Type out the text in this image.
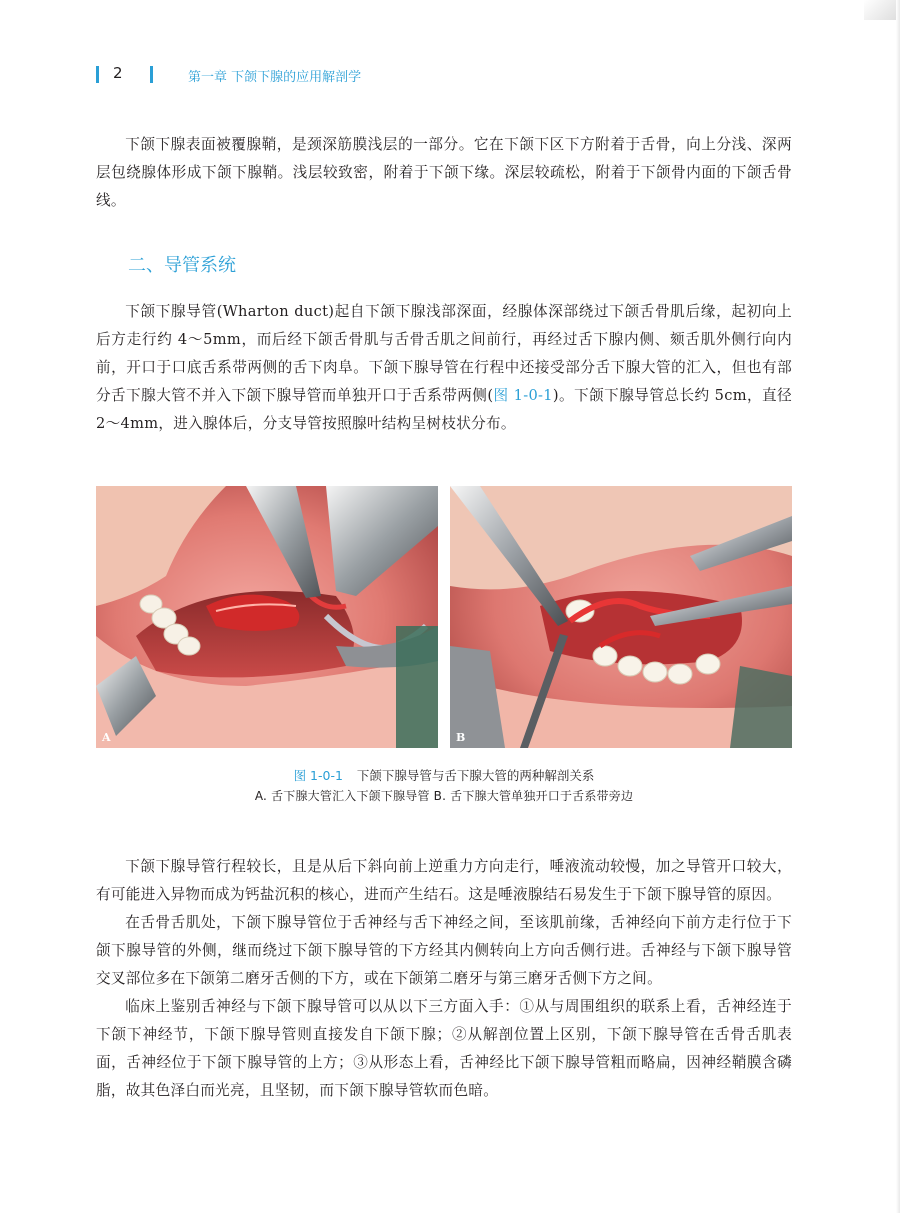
2	第一章 下颌下腺的应用解剖学

下颌下腺表面被覆腺鞘，是颈深筋膜浅层的一部分。它在下颌下区下方附着于舌骨，向上分浅、深两层包绕腺体形成下颌下腺鞘。浅层较致密，附着于下颌下缘。深层较疏松，附着于下颌骨内面的下颌舌骨线。

二、导管系统

下颌下腺导管(Wharton duct)起自下颌下腺浅部深面，经腺体深部绕过下颌舌骨肌后缘，起初向上后方走行约 4～5mm，而后经下颌舌骨肌与舌骨舌肌之间前行，再经过舌下腺内侧、颏舌肌外侧行向内前，开口于口底舌系带两侧的舌下肉阜。下颌下腺导管在行程中还接受部分舌下腺大管的汇入，但也有部分舌下腺大管不并入下颌下腺导管而单独开口于舌系带两侧(图 1-0-1)。下颌下腺导管总长约 5cm，直径 2～4mm，进入腺体后，分支导管按照腺叶结构呈树枝状分布。

A	B
图 1-0-1 下颌下腺导管与舌下腺大管的两种解剖关系
A. 舌下腺大管汇入下颌下腺导管 B. 舌下腺大管单独开口于舌系带旁边

下颌下腺导管行程较长，且是从后下斜向前上逆重力方向走行，唾液流动较慢，加之导管开口较大，有可能进入异物而成为钙盐沉积的核心，进而产生结石。这是唾液腺结石易发生于下颌下腺导管的原因。

在舌骨舌肌处，下颌下腺导管位于舌神经与舌下神经之间，至该肌前缘，舌神经向下前方走行位于下颌下腺导管的外侧，继而绕过下颌下腺导管的下方经其内侧转向上方向舌侧行进。舌神经与下颌下腺导管交叉部位多在下颌第二磨牙舌侧的下方，或在下颌第二磨牙与第三磨牙舌侧下方之间。

临床上鉴别舌神经与下颌下腺导管可以从以下三方面入手：①从与周围组织的联系上看，舌神经连于下颌下神经节，下颌下腺导管则直接发自下颌下腺；②从解剖位置上区别，下颌下腺导管在舌骨舌肌表面，舌神经位于下颌下腺导管的上方；③从形态上看，舌神经比下颌下腺导管粗而略扁，因神经鞘膜含磷脂，故其色泽白而光亮，且坚韧，而下颌下腺导管软而色暗。
